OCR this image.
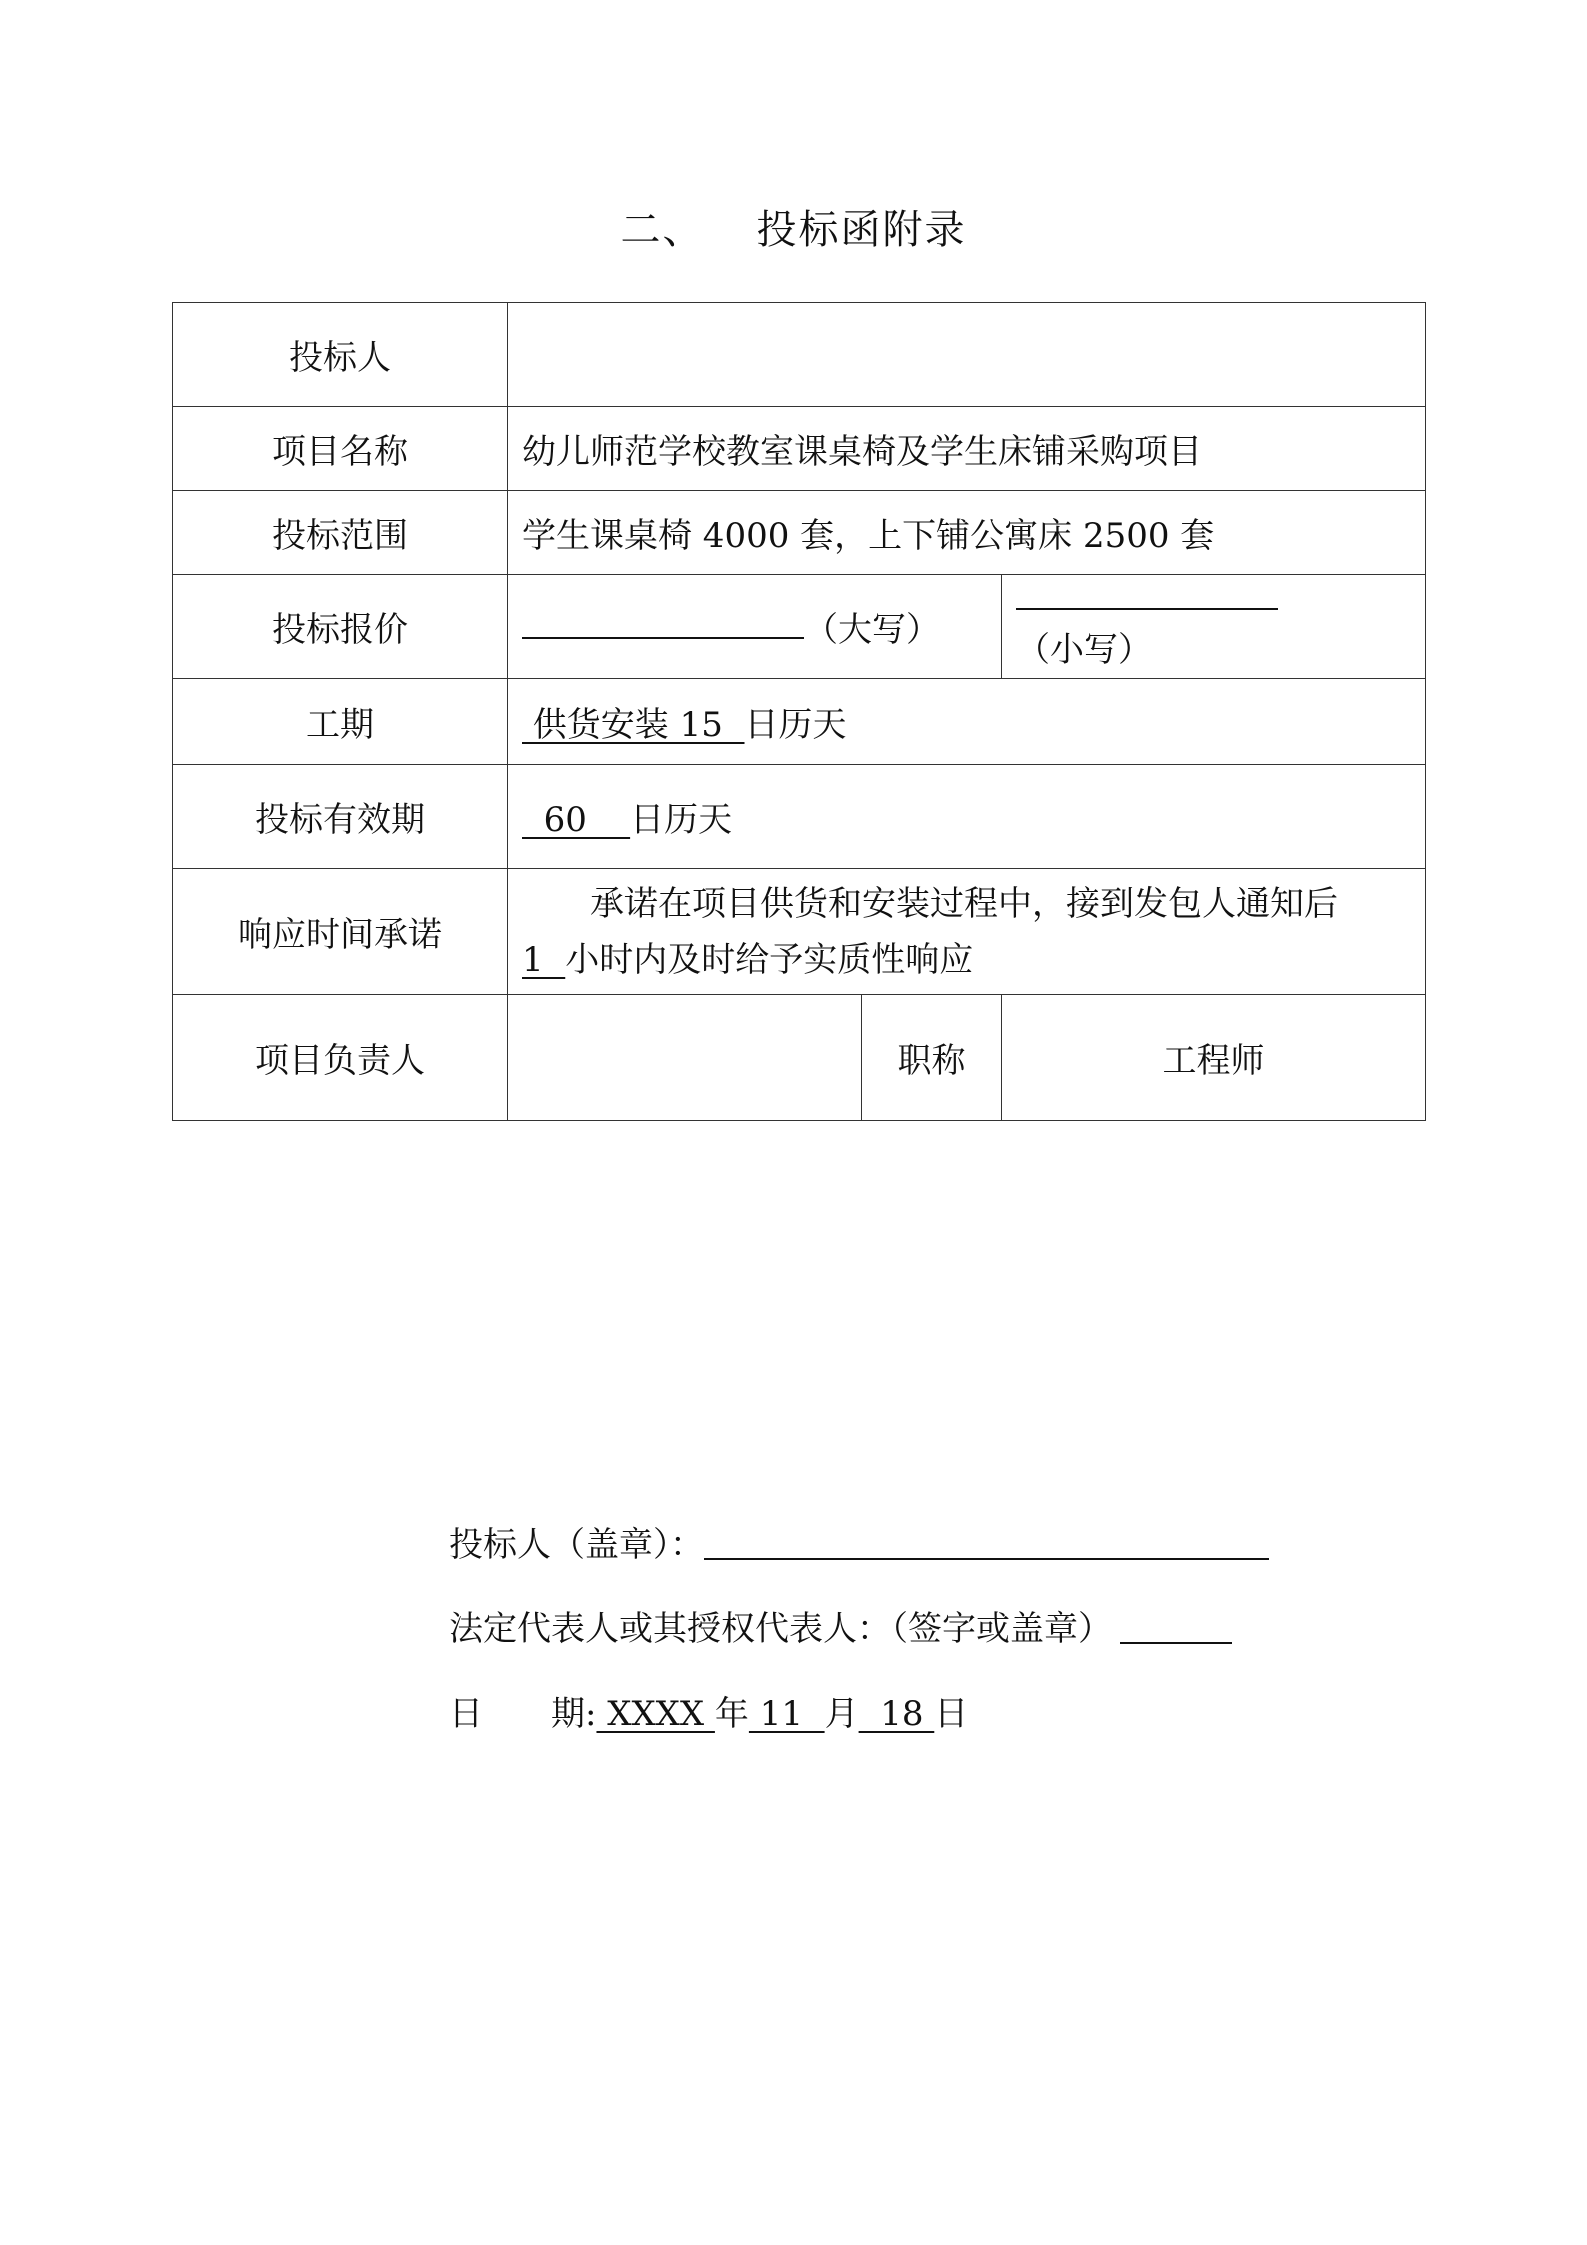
二、 投标函附录
投标人			
项目名称	幼儿师范学校教室课桌椅及学生床铺采购项目		
投标范围	学生课桌椅 4000 套，上下铺公寓床 2500 套		
投标报价	（大写）		（小写）
工期	供货安装 15  日历天		
投标有效期	60    日历天		
响应时间承诺	承诺在项目供货和安装过程中，接到发包人通知后
1  小时内及时给予实质性响应		
项目负责人		职称	工程师
投标人（盖章）：
法定代表人或其授权代表人：（签字或盖章）
日　　期: XXXX 年 11  月  18 日
